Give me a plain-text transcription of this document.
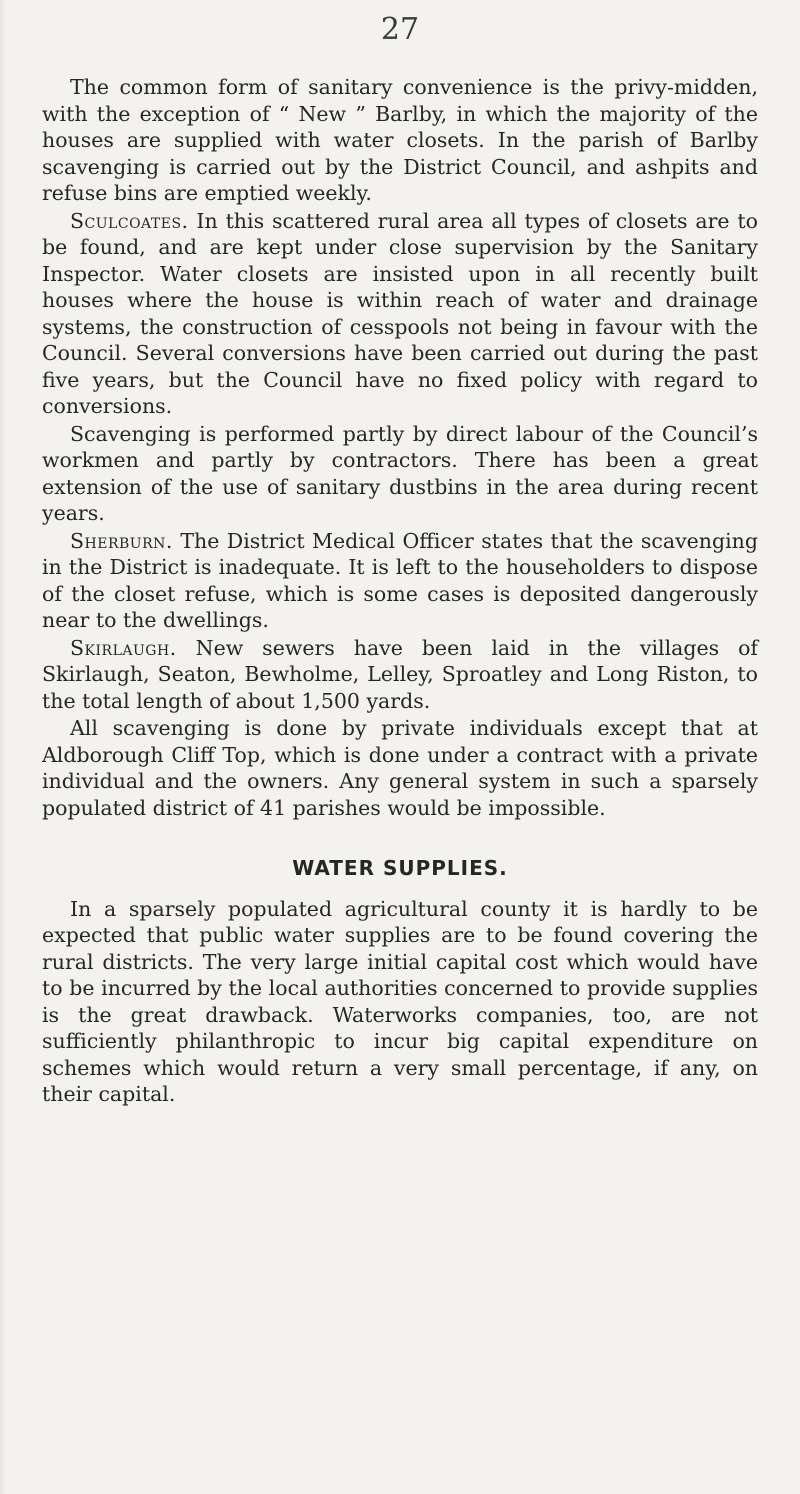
27

The common form of sanitary convenience is the privy-midden, with the exception of “ New ” Barlby, in which the majority of the houses are supplied with water closets. In the parish of Barlby scavenging is carried out by the District Council, and ashpits and refuse bins are emptied weekly.

Sculcoates. In this scattered rural area all types of closets are to be found, and are kept under close supervision by the Sanitary Inspector. Water closets are insisted upon in all recently built houses where the house is within reach of water and drainage systems, the construction of cesspools not being in favour with the Council. Several conversions have been carried out during the past five years, but the Council have no fixed policy with regard to conversions.

Scavenging is performed partly by direct labour of the Council’s workmen and partly by contractors. There has been a great extension of the use of sanitary dustbins in the area during recent years.

Sherburn. The District Medical Officer states that the scavenging in the District is inadequate. It is left to the householders to dispose of the closet refuse, which is some cases is deposited dangerously near to the dwellings.

Skirlaugh. New sewers have been laid in the villages of Skirlaugh, Seaton, Bewholme, Lelley, Sproatley and Long Riston, to the total length of about 1,500 yards.

All scavenging is done by private individuals except that at Aldborough Cliff Top, which is done under a contract with a private individual and the owners. Any general system in such a sparsely populated district of 41 parishes would be impossible.

WATER SUPPLIES.

In a sparsely populated agricultural county it is hardly to be expected that public water supplies are to be found covering the rural districts. The very large initial capital cost which would have to be incurred by the local authorities concerned to provide supplies is the great drawback. Waterworks companies, too, are not sufficiently philanthropic to incur big capital expenditure on schemes which would return a very small percentage, if any, on their capital.
